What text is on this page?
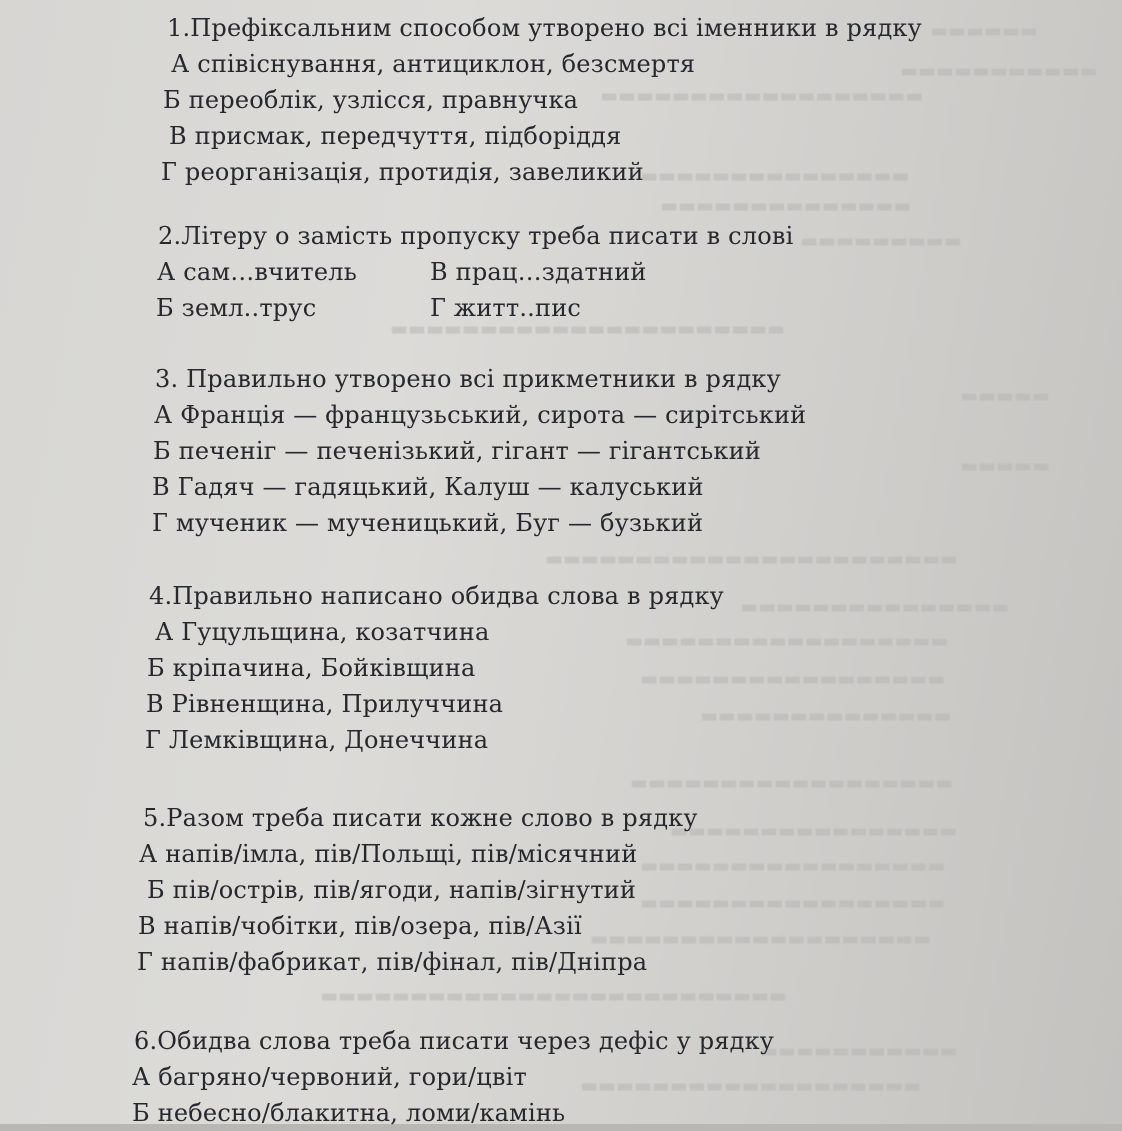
▬▬▬▬▬▬
▬▬▬▬▬▬▬▬▬▬▬
▬▬▬▬▬▬▬▬▬▬▬▬▬▬▬▬▬▬
▬▬▬▬▬▬▬▬▬▬▬▬▬▬▬
▬▬▬▬▬▬▬▬▬▬▬▬▬▬
▬▬▬▬▬▬▬▬▬
▬▬▬▬▬▬▬▬▬▬▬▬▬▬▬▬▬▬▬▬▬▬
▬▬▬▬▬
▬▬▬▬▬
▬▬▬▬▬▬▬▬▬▬▬▬▬▬▬▬▬▬▬▬▬▬▬
▬▬▬▬▬▬▬▬▬▬▬▬▬▬▬
▬▬▬▬▬▬▬▬▬▬▬▬▬▬▬▬▬▬
▬▬▬▬▬▬▬▬▬▬▬▬▬▬▬▬▬
▬▬▬▬▬▬▬▬▬▬▬▬▬▬
▬▬▬▬▬▬▬▬▬▬▬▬▬▬▬▬▬▬
▬▬▬▬▬▬▬▬▬▬▬▬▬▬▬▬
▬▬▬▬▬▬▬▬▬▬▬▬▬▬▬▬▬
▬▬▬▬▬▬▬▬▬▬▬▬▬▬▬▬▬
▬▬▬▬▬▬▬▬▬▬▬▬▬▬▬▬▬▬▬
▬▬▬▬▬▬▬▬▬▬▬▬▬▬▬▬▬▬▬▬▬▬▬▬▬▬
▬▬▬▬▬▬▬▬▬▬▬
▬▬▬▬▬▬▬▬▬▬▬▬▬▬▬▬▬▬▬
1.Префіксальним способом утворено всі іменники в рядку
А співіснування, антициклон, безсмертя
Б переоблік, узлісся, правнучка
В присмак, передчуття, підборіддя
Г реорганізація, протидія, завеликий
2.Літеру о замість пропуску треба писати в слові
А сам…вчитель	В прац…здатний
Б земл..трус	Г житт..пис
3. Правильно утворено всі прикметники в рядку
А Франція — французьський, сирота — сирітський
Б печеніг — печенізький, гігант — гігантський
В Гадяч — гадяцький, Калуш — калуський
Г мученик — мученицький, Буг — бузький
4.Правильно написано обидва слова в рядку
А Гуцульщина, козатчина
Б кріпачина, Бойківщина
В Рівненщина, Прилуччина
Г Лемківщина, Донеччина
5.Разом треба писати кожне слово в рядку
А напів/імла, пів/Польщі, пів/місячний
Б пів/острів, пів/ягоди, напів/зігнутий
В напів/чобітки, пів/озера, пів/Азії
Г напів/фабрикат, пів/фінал, пів/Дніпра
6.Обидва слова треба писати через дефіс у рядку
А багряно/червоний, гори/цвіт
Б небесно/блакитна, ломи/камінь
